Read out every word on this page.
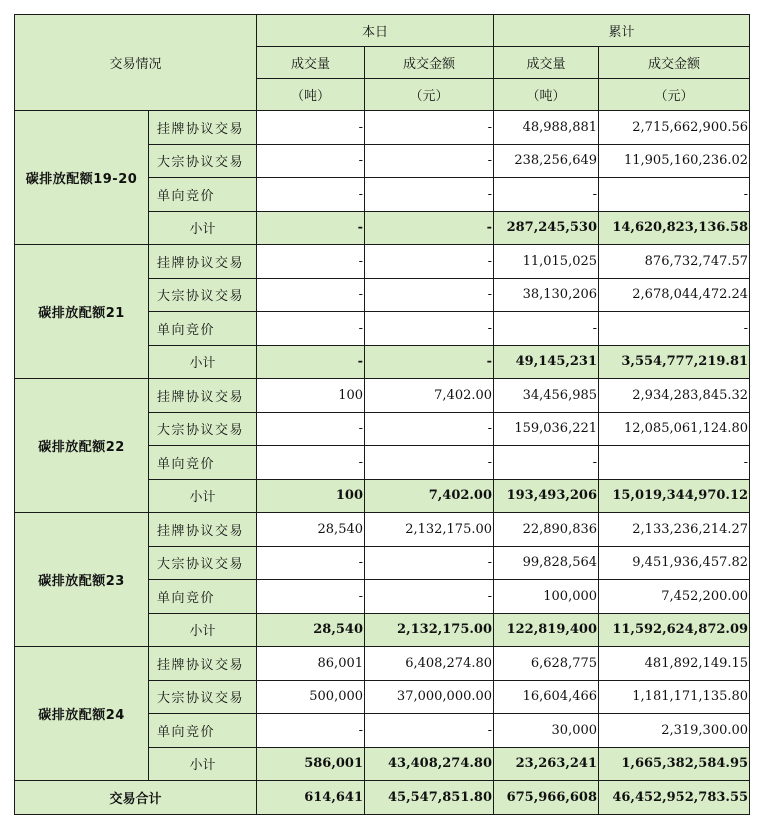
交易情况		本日		累计	
		成交量	成交金额	成交量	成交金额
		（吨）	（元）	（吨）	（元）
碳排放配额19-20	挂牌协议交易	-	-	48,988,881	2,715,662,900.56
	大宗协议交易	-	-	238,256,649	11,905,160,236.02
	单向竞价	-	-	-	-
	小计	-	-	287,245,530	14,620,823,136.58
碳排放配额21	挂牌协议交易	-	-	11,015,025	876,732,747.57
	大宗协议交易	-	-	38,130,206	2,678,044,472.24
	单向竞价	-	-	-	-
	小计	-	-	49,145,231	3,554,777,219.81
碳排放配额22	挂牌协议交易	100	7,402.00	34,456,985	2,934,283,845.32
	大宗协议交易	-	-	159,036,221	12,085,061,124.80
	单向竞价	-	-	-	-
	小计	100	7,402.00	193,493,206	15,019,344,970.12
碳排放配额23	挂牌协议交易	28,540	2,132,175.00	22,890,836	2,133,236,214.27
	大宗协议交易	-	-	99,828,564	9,451,936,457.82
	单向竞价	-	-	100,000	7,452,200.00
	小计	28,540	2,132,175.00	122,819,400	11,592,624,872.09
碳排放配额24	挂牌协议交易	86,001	6,408,274.80	6,628,775	481,892,149.15
	大宗协议交易	500,000	37,000,000.00	16,604,466	1,181,171,135.80
	单向竞价	-	-	30,000	2,319,300.00
	小计	586,001	43,408,274.80	23,263,241	1,665,382,584.95
交易合计		614,641	45,547,851.80	675,966,608	46,452,952,783.55
